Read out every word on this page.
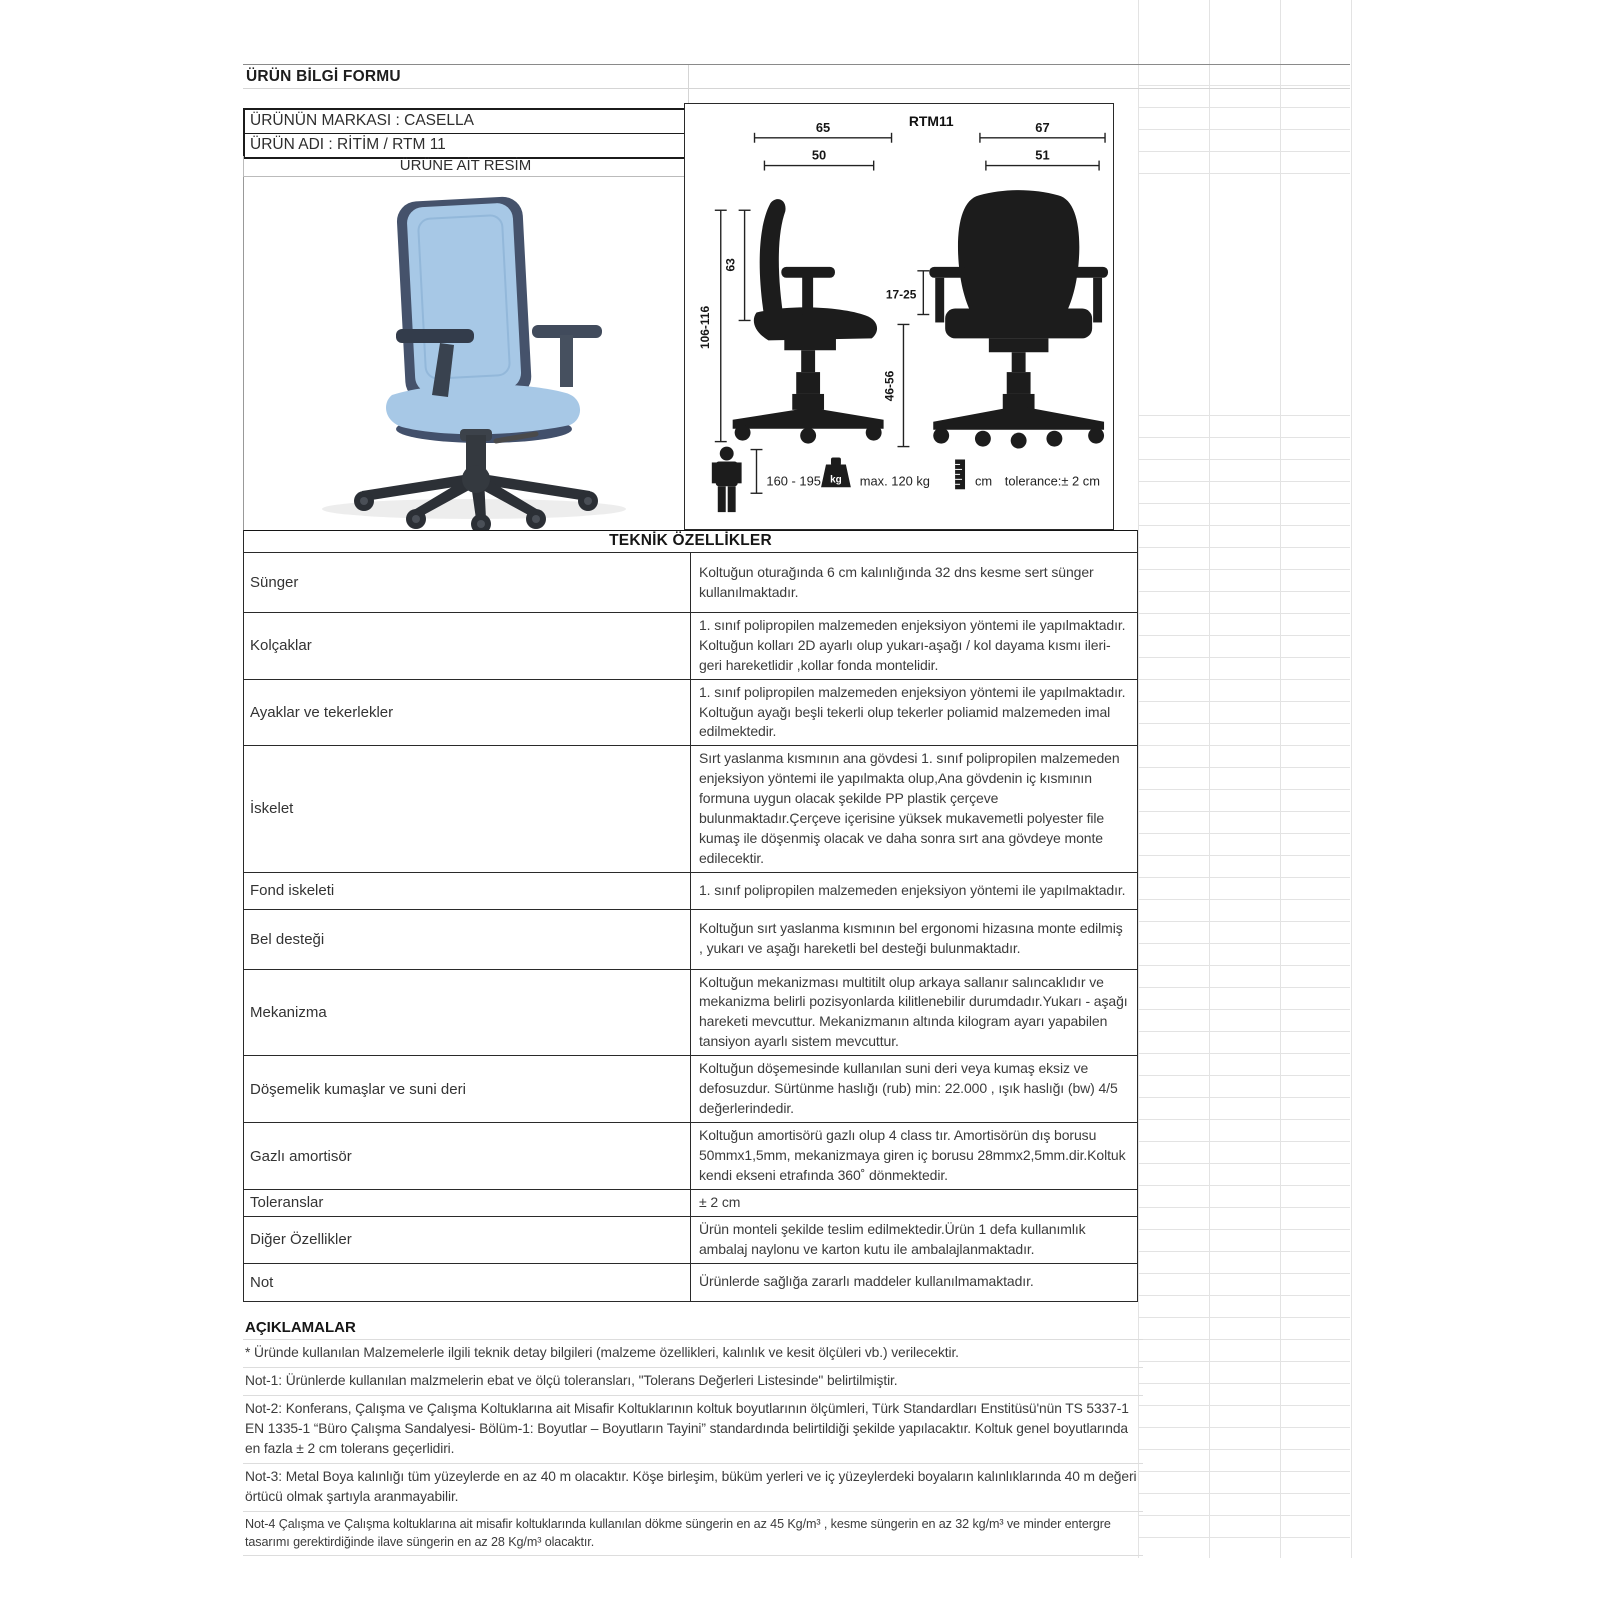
ÜRÜN BİLGİ FORMU
ÜRÜNÜN MARKASI : CASELLA
ÜRÜN ADI : RİTİM / RTM 11
ÜRÜNE AİT RESİM
RTM11
65
50
67
51
106-116
63
17-25
46-56
160 - 195 kg max. 120 kg	cm tolerance:± 2 cm
TEKNİK ÖZELLİKLER	
Sünger	Koltuğun oturağında 6 cm kalınlığında 32 dns kesme sert sünger kullanılmaktadır.
Kolçaklar	1. sınıf polipropilen malzemeden enjeksiyon yöntemi ile yapılmaktadır. Koltuğun kolları 2D ayarlı olup yukarı-aşağı / kol dayama kısmı ileri-geri hareketlidir ,kollar fonda montelidir.
Ayaklar ve tekerlekler	1. sınıf polipropilen malzemeden enjeksiyon yöntemi ile yapılmaktadır. Koltuğun ayağı beşli tekerli olup tekerler poliamid malzemeden imal edilmektedir.
İskelet	Sırt yaslanma kısmının ana gövdesi 1. sınıf polipropilen malzemeden enjeksiyon yöntemi ile yapılmakta olup,Ana gövdenin iç kısmının formuna uygun olacak şekilde PP plastik çerçeve bulunmaktadır.Çerçeve içerisine yüksek mukavemetli polyester file kumaş ile döşenmiş olacak ve daha sonra sırt ana gövdeye monte edilecektir.
Fond iskeleti	1. sınıf polipropilen malzemeden enjeksiyon yöntemi ile yapılmaktadır.
Bel desteği	Koltuğun sırt yaslanma kısmının bel ergonomi hizasına monte edilmiş , yukarı ve aşağı hareketli bel desteği bulunmaktadır.
Mekanizma	Koltuğun mekanizması multitilt olup arkaya sallanır salıncaklıdır ve mekanizma belirli pozisyonlarda kilitlenebilir durumdadır.Yukarı - aşağı hareketi mevcuttur. Mekanizmanın altında kilogram ayarı yapabilen tansiyon ayarlı sistem mevcuttur.
Döşemelik kumaşlar ve suni deri	Koltuğun döşemesinde kullanılan suni deri veya kumaş eksiz ve defosuzdur. Sürtünme haslığı (rub) min: 22.000 , ışık haslığı (bw) 4/5 değerlerindedir.
Gazlı amortisör	Koltuğun amortisörü gazlı olup 4 class tır. Amortisörün dış borusu 50mmx1,5mm, mekanizmaya giren iç borusu 28mmx2,5mm.dir.Koltuk kendi ekseni etrafında 360˚ dönmektedir.
Toleranslar	± 2 cm
Diğer Özellikler	Ürün monteli şekilde teslim edilmektedir.Ürün 1 defa kullanımlık ambalaj naylonu ve karton kutu ile ambalajlanmaktadır.
Not	Ürünlerde sağlığa zararlı maddeler kullanılmamaktadır.
AÇIKLAMALAR
* Üründe kullanılan Malzemelerle ilgili teknik detay bilgileri (malzeme özellikleri, kalınlık ve kesit ölçüleri vb.) verilecektir.
Not-1: Ürünlerde kullanılan malzmelerin ebat ve ölçü toleransları, "Tolerans Değerleri Listesinde" belirtilmiştir.
Not-2: Konferans, Çalışma ve Çalışma Koltuklarına ait Misafir Koltuklarının koltuk boyutlarının ölçümleri, Türk Standardları Enstitüsü'nün TS 5337-1 EN 1335-1 “Büro Çalışma Sandalyesi- Bölüm-1: Boyutlar – Boyutların Tayini” standardında belirtildiği şekilde yapılacaktır. Koltuk genel boyutlarında en fazla ± 2 cm tolerans geçerlidiri.
Not-3: Metal Boya kalınlığı tüm yüzeylerde en az 40 m olacaktır. Köşe birleşim, büküm yerleri ve iç yüzeylerdeki boyaların kalınlıklarında 40 m değeri örtücü olmak şartıyla aranmayabilir.
Not-4 Çalışma ve Çalışma koltuklarına ait misafir koltuklarında kullanılan dökme süngerin en az 45 Kg/m³ , kesme süngerin en az 32 kg/m³ ve minder entergre tasarımı gerektirdiğinde ilave süngerin en az 28 Kg/m³ olacaktır.
